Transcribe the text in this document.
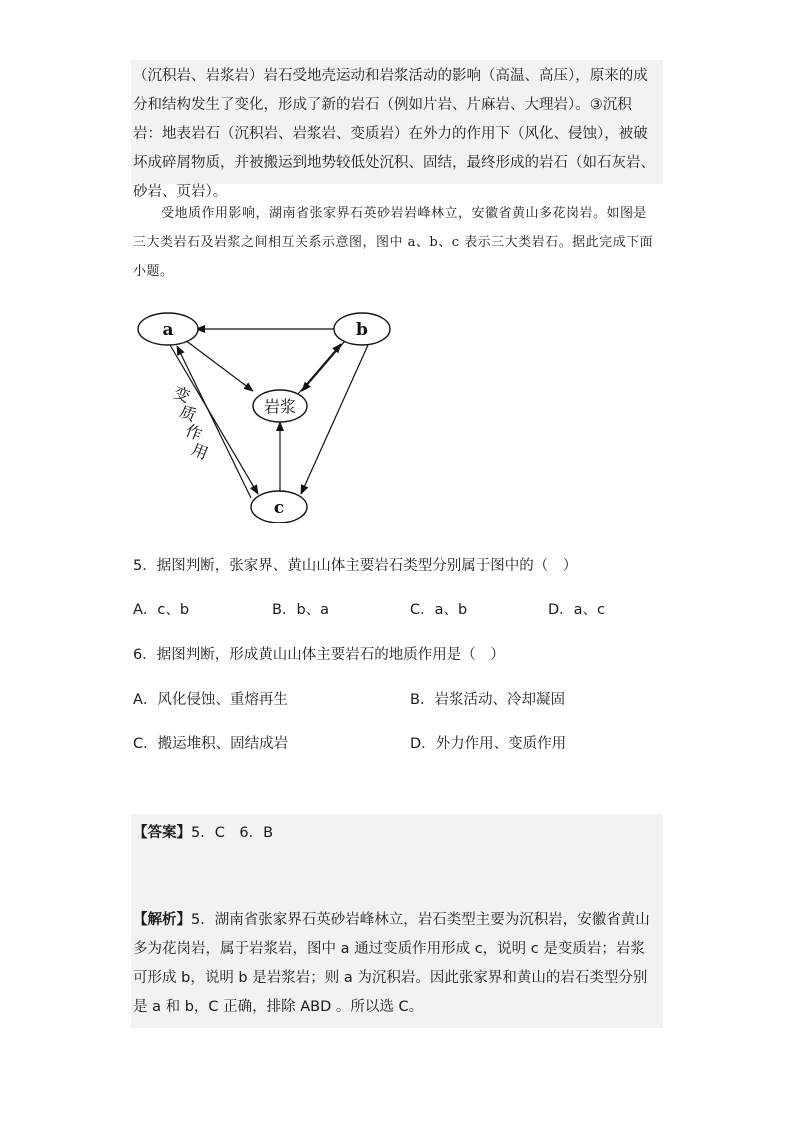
（沉积岩、岩浆岩）岩石受地壳运动和岩浆活动的影响（高温、高压），原来的成分和结构发生了变化，形成了新的岩石（例如片岩、片麻岩、大理岩）。③沉积岩：地表岩石（沉积岩、岩浆岩、变质岩）在外力的作用下（风化、侵蚀），被破坏成碎屑物质，并被搬运到地势较低处沉积、固结，最终形成的岩石（如石灰岩、砂岩、页岩）。

受地质作用影响，湖南省张家界石英砂岩岩峰林立，安徽省黄山多花岗岩。如图是三大类岩石及岩浆之间相互关系示意图，图中 a、b、c 表示三大类岩石。据此完成下面小题。

a	b
c
岩浆
变
质
作
用

5．据图判断，张家界、黄山山体主要岩石类型分别属于图中的（　）

A．c、b	B．b、a	C．a、b	D．a、c

6．据图判断，形成黄山山体主要岩石的地质作用是（　）

A．风化侵蚀、重熔再生	B．岩浆活动、冷却凝固

C．搬运堆积、固结成岩	D．外力作用、变质作用

【答案】5．C　6．B

【解析】5．湖南省张家界石英砂岩峰林立，岩石类型主要为沉积岩，安徽省黄山多为花岗岩，属于岩浆岩，图中 a 通过变质作用形成 c，说明 c 是变质岩；岩浆可形成 b，说明 b 是岩浆岩；则 a 为沉积岩。因此张家界和黄山的岩石类型分别是 a 和 b，C 正确，排除 ABD 。所以选 C。
